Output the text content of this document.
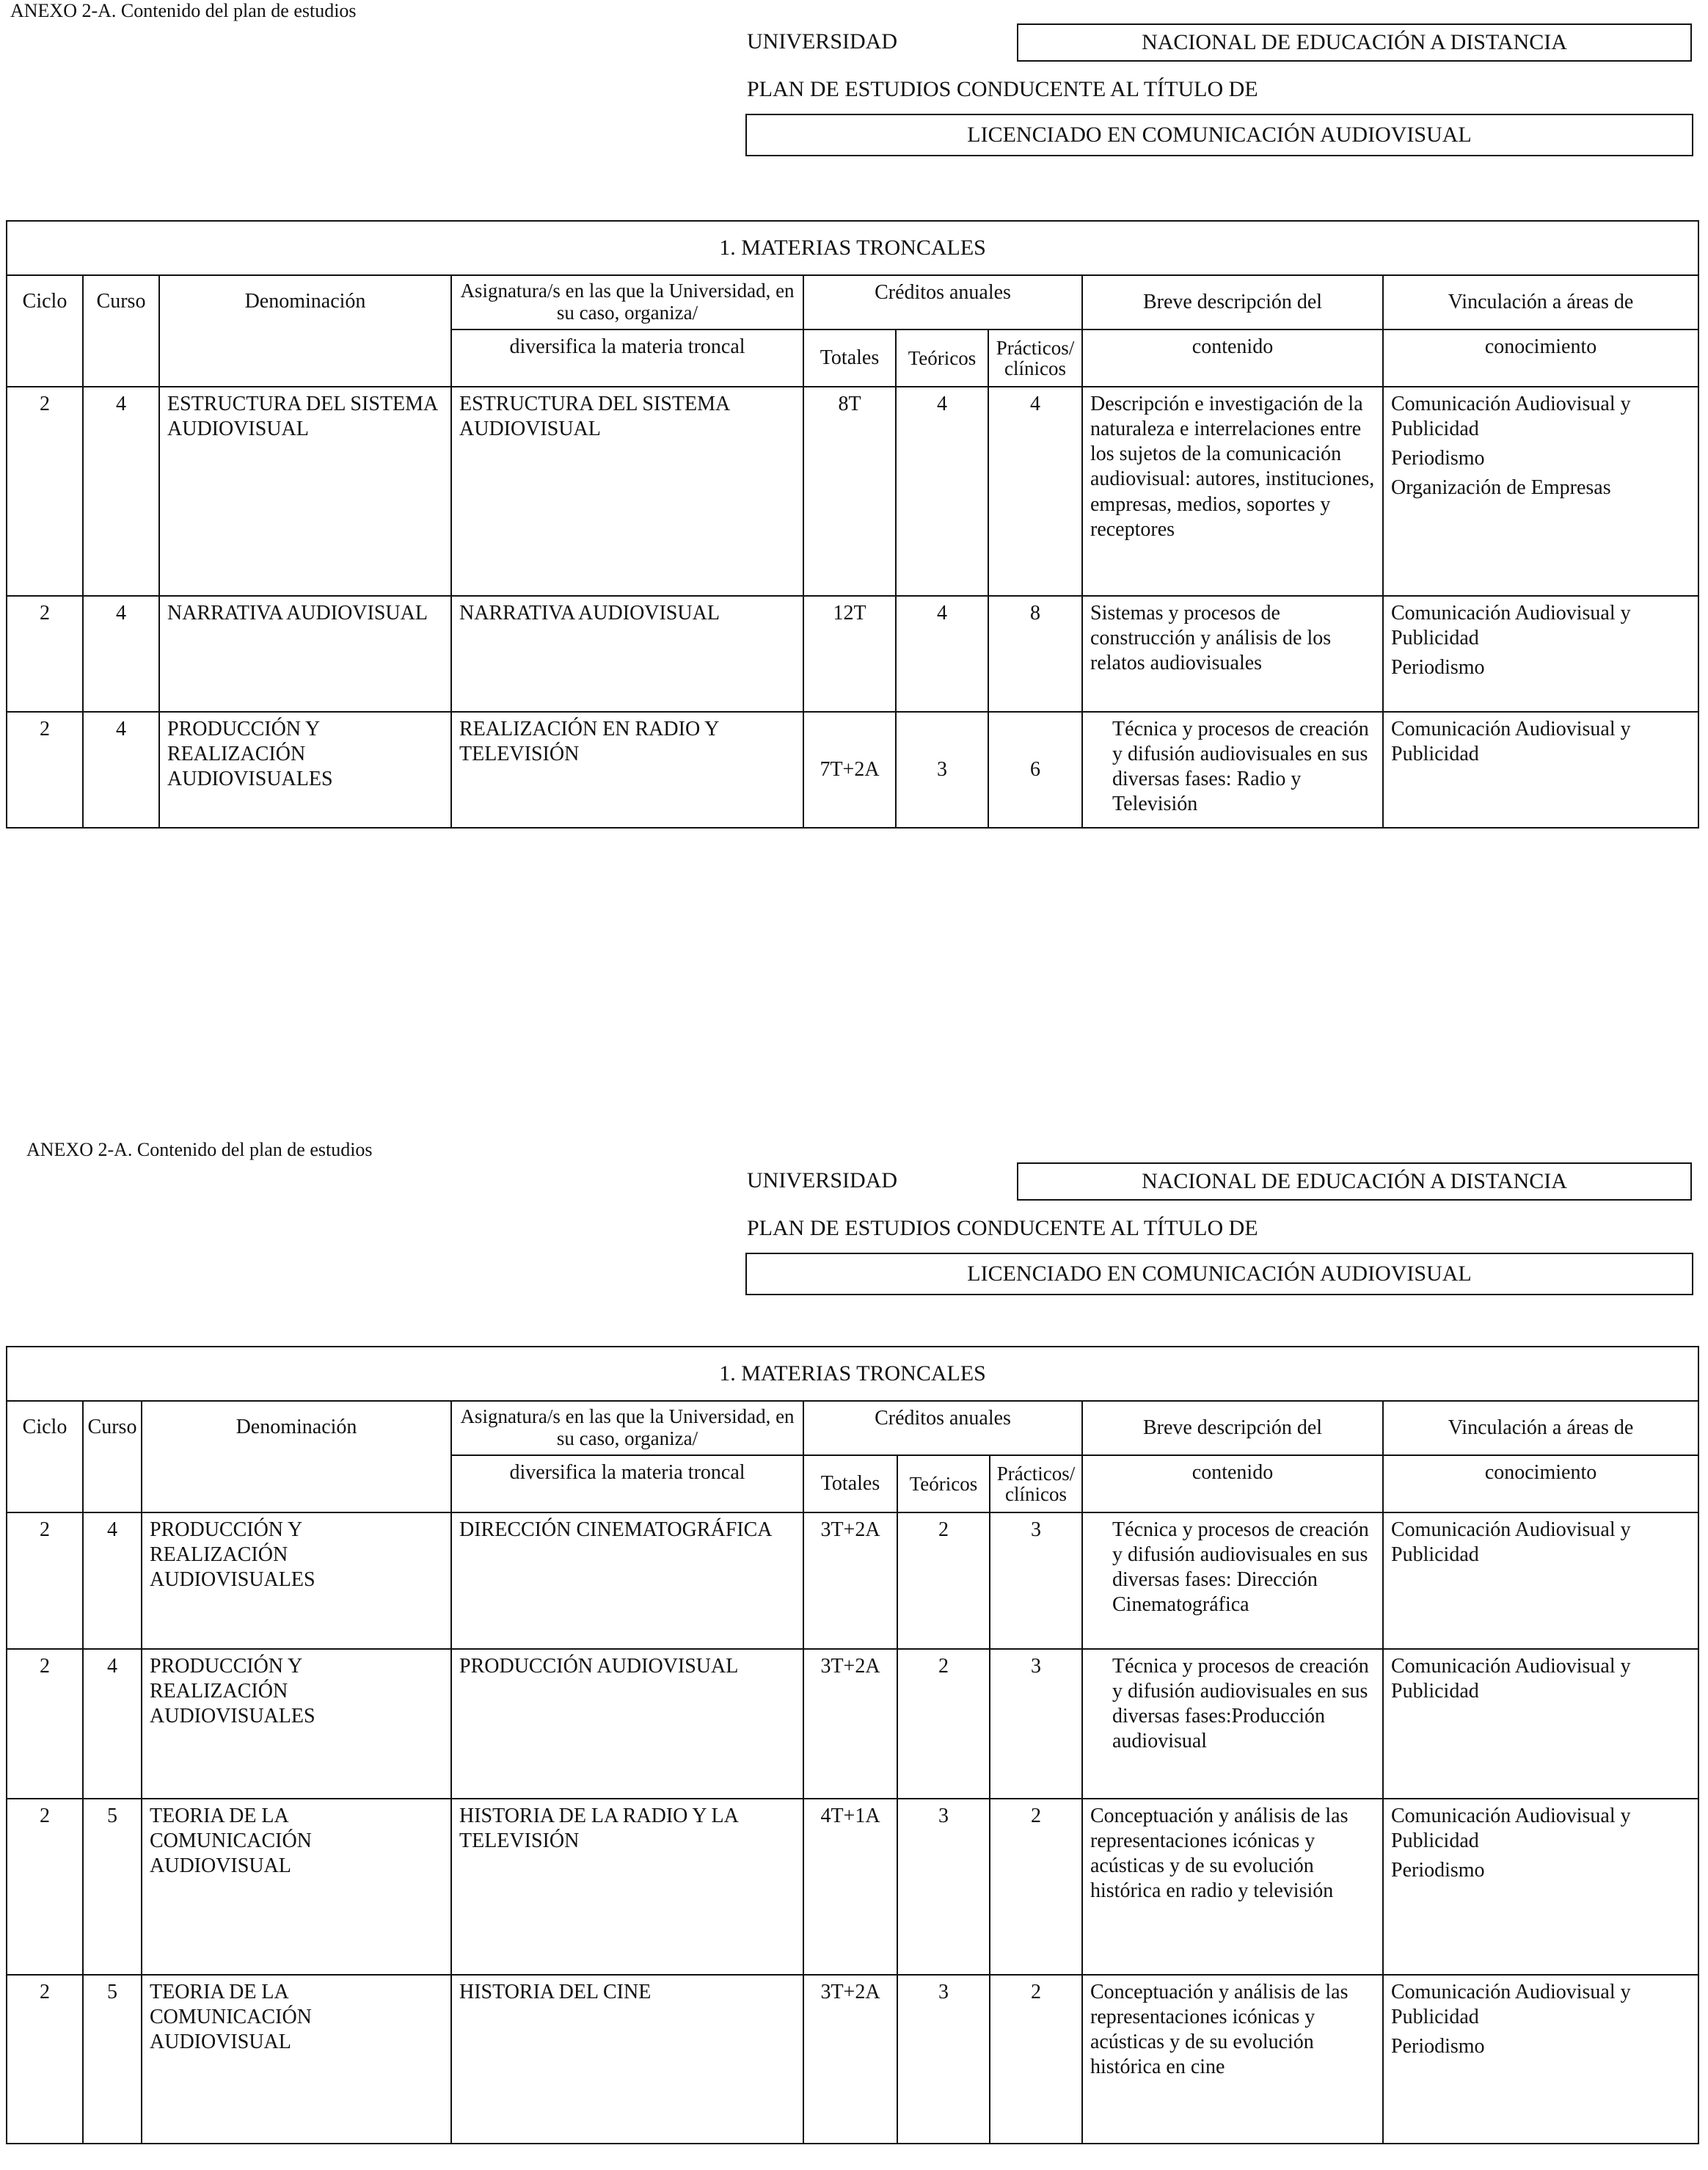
ANEXO 2-A. Contenido del plan de estudios
UNIVERSIDAD	NACIONAL DE EDUCACIÓN A DISTANCIA
PLAN DE ESTUDIOS CONDUCENTE AL TÍTULO DE
LICENCIADO EN COMUNICACIÓN AUDIOVISUAL
1. MATERIAS TRONCALES								
Ciclo	Curso	Denominación	Asignatura/s en las que la Universidad, en su caso, organiza/	Créditos anuales			Breve descripción del	Vinculación a áreas de
			diversifica la materia troncal	Totales	Teóricos	Prácticos/ clínicos	contenido	conocimiento
2	4	ESTRUCTURA DEL SISTEMA AUDIOVISUAL	ESTRUCTURA DEL SISTEMA AUDIOVISUAL	8T	4	4	Descripción e investigación de la naturaleza e interrelaciones entre los sujetos de la comunicación audiovisual: autores, instituciones, empresas, medios, soportes y receptores	Comunicación Audiovisual y Publicidad
Periodismo
Organización de Empresas

2	4	NARRATIVA AUDIOVISUAL	NARRATIVA AUDIOVISUAL	12T	4	8	Sistemas y procesos de construcción y análisis de los relatos audiovisuales	Comunicación Audiovisual y Publicidad
Periodismo

2	4	PRODUCCIÓN Y REALIZACIÓN AUDIOVISUALES	REALIZACIÓN EN RADIO Y TELEVISIÓN	7T+2A	3	6	Técnica y procesos de creación y difusión audiovisuales en sus diversas fases: Radio y Televisión	Comunicación Audiovisual y Publicidad
ANEXO 2-A. Contenido del plan de estudios
UNIVERSIDAD	NACIONAL DE EDUCACIÓN A DISTANCIA
PLAN DE ESTUDIOS CONDUCENTE AL TÍTULO DE
LICENCIADO EN COMUNICACIÓN AUDIOVISUAL
1. MATERIAS TRONCALES								
Ciclo	Curso	Denominación	Asignatura/s en las que la Universidad, en su caso, organiza/	Créditos anuales			Breve descripción del	Vinculación a áreas de
			diversifica la materia troncal	Totales	Teóricos	Prácticos/ clínicos	contenido	conocimiento
2	4	PRODUCCIÓN Y REALIZACIÓN AUDIOVISUALES	DIRECCIÓN CINEMATOGRÁFICA	3T+2A	2	3	Técnica y procesos de creación y difusión audiovisuales en sus diversas fases: Dirección Cinematográfica	Comunicación Audiovisual y Publicidad

2	4	PRODUCCIÓN Y REALIZACIÓN AUDIOVISUALES	PRODUCCIÓN AUDIOVISUAL	3T+2A	2	3	Técnica y procesos de creación y difusión audiovisuales en sus diversas fases:Producción audiovisual	Comunicación Audiovisual y Publicidad

2	5	TEORIA DE LA COMUNICACIÓN AUDIOVISUAL	HISTORIA DE LA RADIO Y LA TELEVISIÓN	4T+1A	3	2	Conceptuación y análisis de las representaciones icónicas y acústicas y de su evolución histórica en radio y televisión	Comunicación Audiovisual y Publicidad
Periodismo

2	5	TEORIA DE LA COMUNICACIÓN AUDIOVISUAL	HISTORIA DEL CINE	3T+2A	3	2	Conceptuación y análisis de las representaciones icónicas y acústicas y de su evolución histórica en cine	Comunicación Audiovisual y Publicidad
Periodismo
